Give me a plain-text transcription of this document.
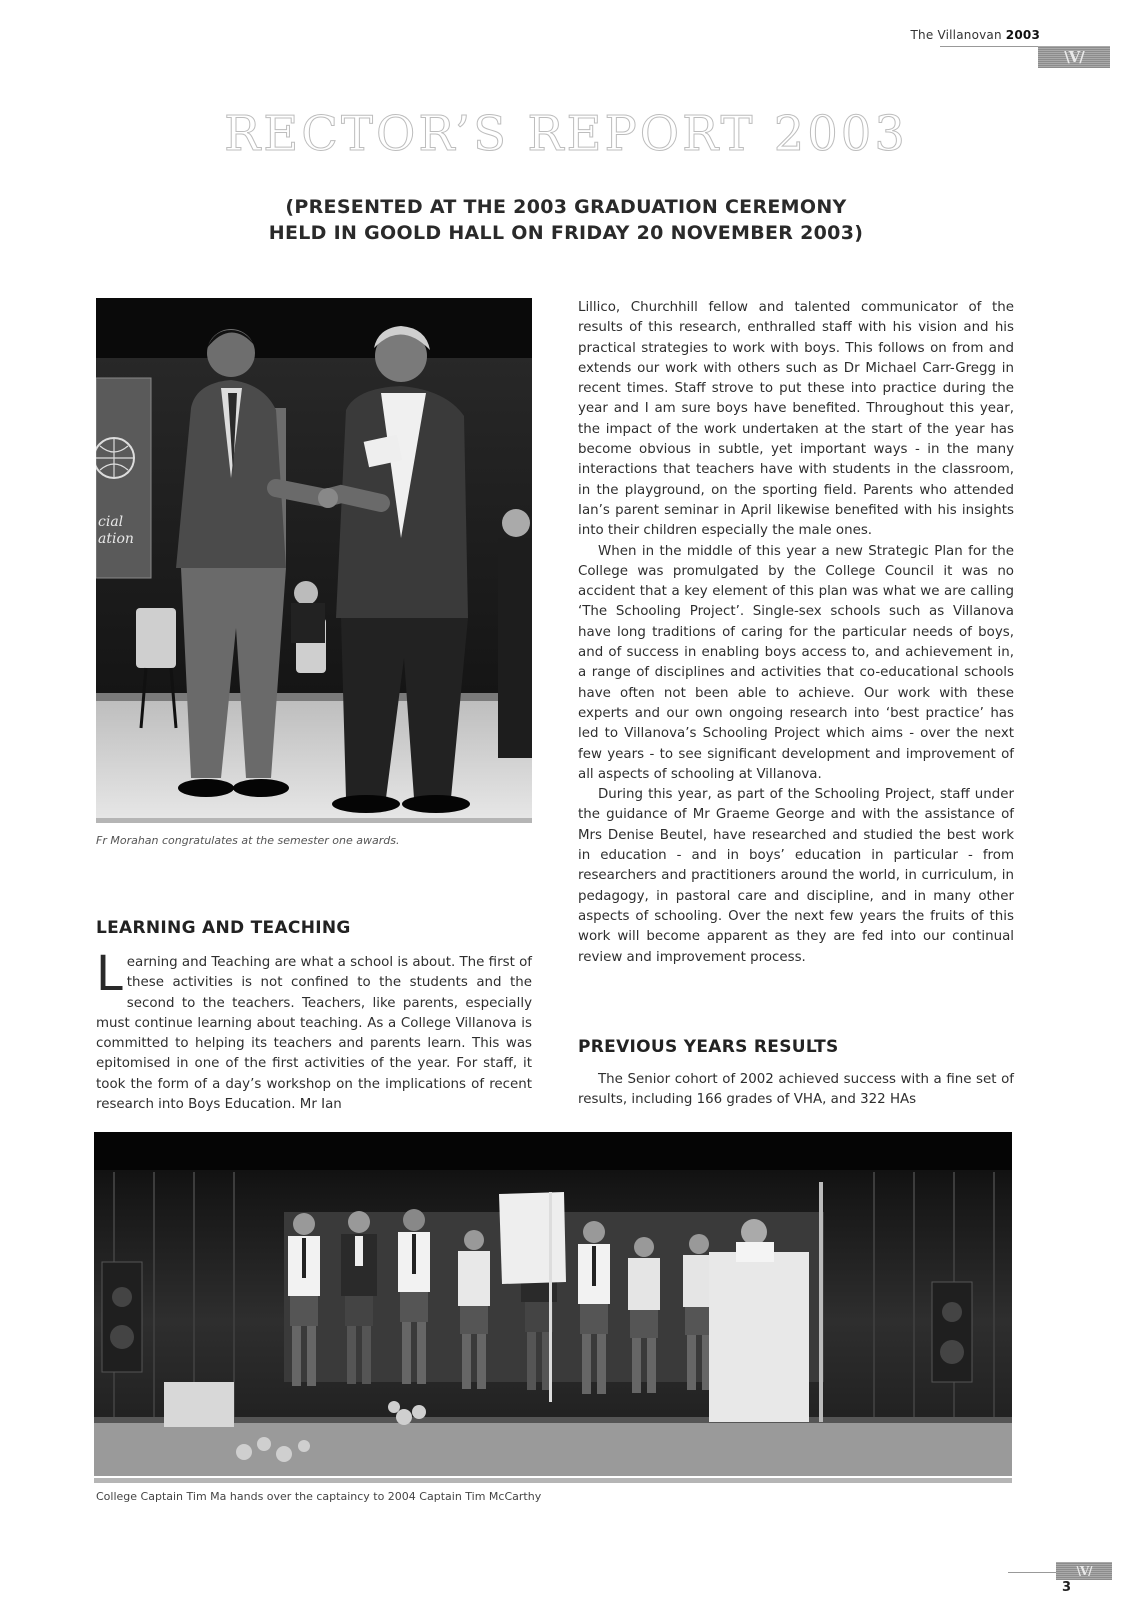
The Villanovan 2003
\V/
RECTOR’S REPORT 2003
(PRESENTED AT THE 2003 GRADUATION CEREMONY
HELD IN GOOLD HALL ON FRIDAY 20 NOVEMBER 2003)
cial
ation
Fr Morahan congratulates at the semester one awards.

Lillico, Churchhill fellow and talented communicator of the results of this research, enthralled staff with his vision and his practical strategies to work with boys. This follows on from and extends our work with others such as Dr Michael Carr-Gregg in recent times. Staff strove to put these into practice during the year and I am sure boys have benefited. Throughout this year, the impact of the work undertaken at the start of the year has become obvious in subtle, yet important ways - in the many interactions that teachers have with students in the classroom, in the playground, on the sporting field. Parents who attended Ian’s parent seminar in April likewise benefited with his insights into their children especially the male ones.

When in the middle of this year a new Strategic Plan for the College was promulgated by the College Council it was no accident that a key element of this plan was what we are calling ‘The Schooling Project’. Single-sex schools such as Villanova have long traditions of caring for the particular needs of boys, and of success in enabling boys access to, and achievement in, a range of disciplines and activities that co-educational schools have often not been able to achieve. Our work with these experts and our own ongoing research into ‘best practice’ has led to Villanova’s Schooling Project which aims - over the next few years - to see significant development and improvement of all aspects of schooling at Villanova.

During this year, as part of the Schooling Project, staff under the guidance of Mr Graeme George and with the assistance of Mrs Denise Beutel, have researched and studied the best work in education - and in boys’ education in particular - from researchers and practitioners around the world, in curriculum, in pedagogy, in pastoral care and discipline, and in many other aspects of schooling. Over the next few years the fruits of this work will become apparent as they are fed into our continual review and improvement process.

LEARNING AND TEACHING

Learning and Teaching are what a school is about. The first of these activities is not confined to the students and the second to the teachers. Teachers, like parents, especially must continue learning about teaching. As a College Villanova is committed to helping its teachers and parents learn. This was epitomised in one of the first activities of the year. For staff, it took the form of a day’s workshop on the implications of recent research into Boys Education. Mr Ian

PREVIOUS YEARS RESULTS

The Senior cohort of 2002 achieved success with a fine set of results, including 166 grades of VHA, and 322 HAs

College Captain Tim Ma hands over the captaincy to 2004 Captain Tim McCarthy
\V/
3
